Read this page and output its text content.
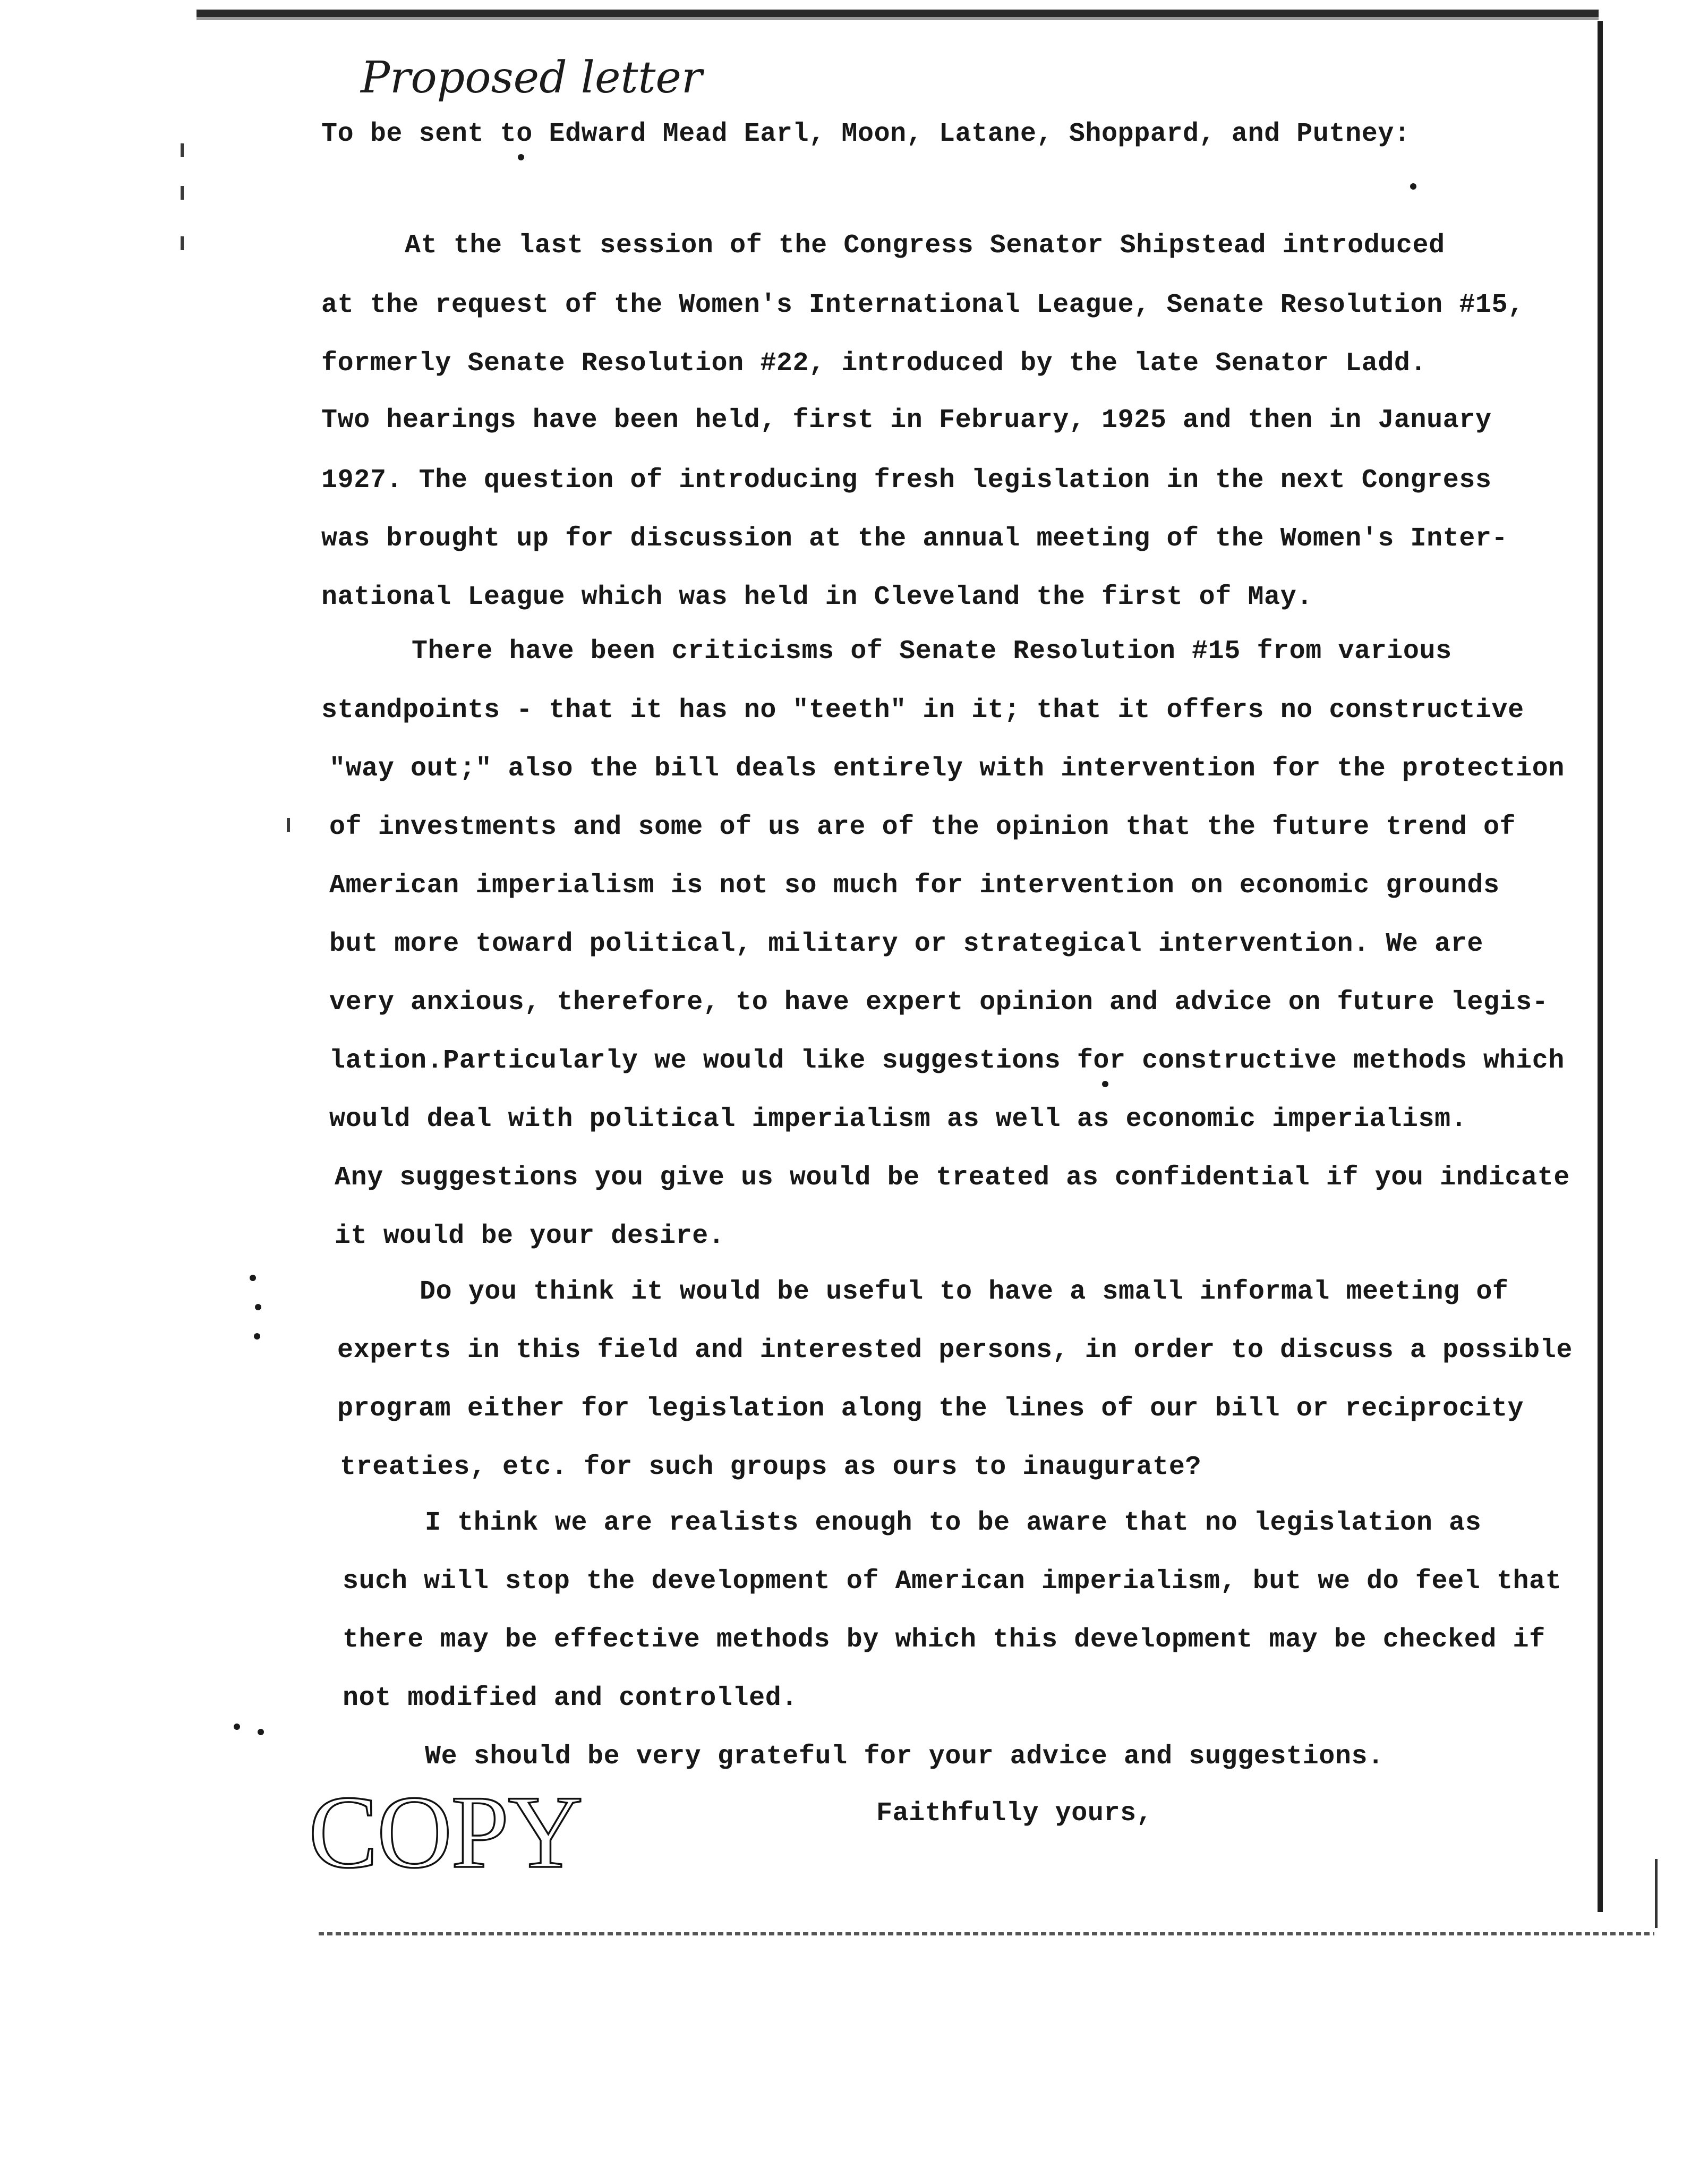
Proposed letter
To be sent to Edward Mead Earl, Moon, Latane, Shoppard, and Putney:
At the last session of the Congress Senator Shipstead introduced
at the request of the Women's International League, Senate Resolution #15,
formerly Senate Resolution #22, introduced by the late Senator Ladd.
Two hearings have been held, first in February, 1925 and then in January
1927. The question of introducing fresh legislation in the next Congress
was brought up for discussion at the annual meeting of the Women's Inter-
national League which was held in Cleveland the first of May.
There have been criticisms of Senate Resolution #15 from various
standpoints - that it has no "teeth" in it; that it offers no constructive
"way out;" also the bill deals entirely with intervention for the protection
of investments and some of us are of the opinion that the future trend of
American imperialism is not so much for intervention on economic grounds
but more toward political, military or strategical intervention. We are
very anxious, therefore, to have expert opinion and advice on future legis-
lation.Particularly we would like suggestions for constructive methods which
would deal with political imperialism as well as economic imperialism.
Any suggestions you give us would be treated as confidential if you indicate
it would be your desire.
Do you think it would be useful to have a small informal meeting of
experts in this field and interested persons, in order to discuss a possible
program either for legislation along the lines of our bill or reciprocity
treaties, etc. for such groups as ours to inaugurate?
I think we are realists enough to be aware that no legislation as
such will stop the development of American imperialism, but we do feel that
there may be effective methods by which this development may be checked if
not modified and controlled.
We should be very grateful for your advice and suggestions.
Faithfully yours,
COPY
